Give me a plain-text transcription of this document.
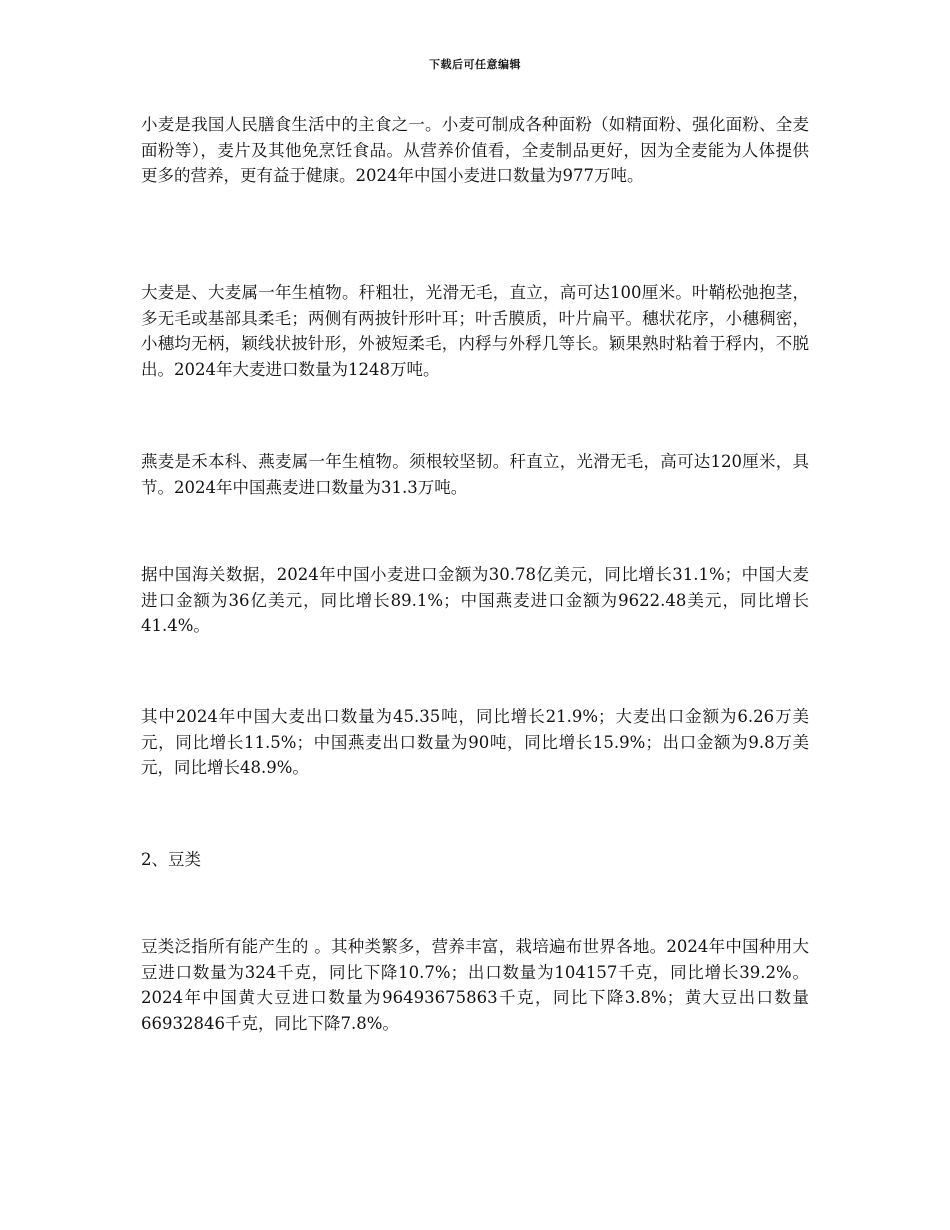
下载后可任意编辑

小麦是我国人民膳食生活中的主食之一。小麦可制成各种面粉（如精面粉、强化面粉、全麦面粉等），麦片及其他免烹饪食品。从营养价值看，全麦制品更好，因为全麦能为人体提供更多的营养，更有益于健康。2024年中国小麦进口数量为977万吨。

大麦是、大麦属一年生植物。秆粗壮，光滑无毛，直立，高可达100厘米。叶鞘松弛抱茎，多无毛或基部具柔毛；两侧有两披针形叶耳；叶舌膜质，叶片扁平。穗状花序，小穗稠密，小穗均无柄，颖线状披针形，外被短柔毛，内稃与外稃几等长。颖果熟时粘着于稃内，不脱出。2024年大麦进口数量为1248万吨。

燕麦是禾本科、燕麦属一年生植物。须根较坚韧。秆直立，光滑无毛，高可达120厘米，具节。2024年中国燕麦进口数量为31.3万吨。

据中国海关数据，2024年中国小麦进口金额为30.78亿美元，同比增长31.1%；中国大麦进口金额为36亿美元，同比增长89.1%；中国燕麦进口金额为9622.48美元，同比增长41.4%。

其中2024年中国大麦出口数量为45.35吨，同比增长21.9%；大麦出口金额为6.26万美元，同比增长11.5%；中国燕麦出口数量为90吨，同比增长15.9%；出口金额为9.8万美元，同比增长48.9%。

2、豆类

豆类泛指所有能产生的 。其种类繁多，营养丰富，栽培遍布世界各地。2024年中国种用大豆进口数量为324千克，同比下降10.7%；出口数量为104157千克，同比增长39.2%。2024年中国黄大豆进口数量为96493675863千克，同比下降3.8%；黄大豆出口数量66932846千克，同比下降7.8%。
